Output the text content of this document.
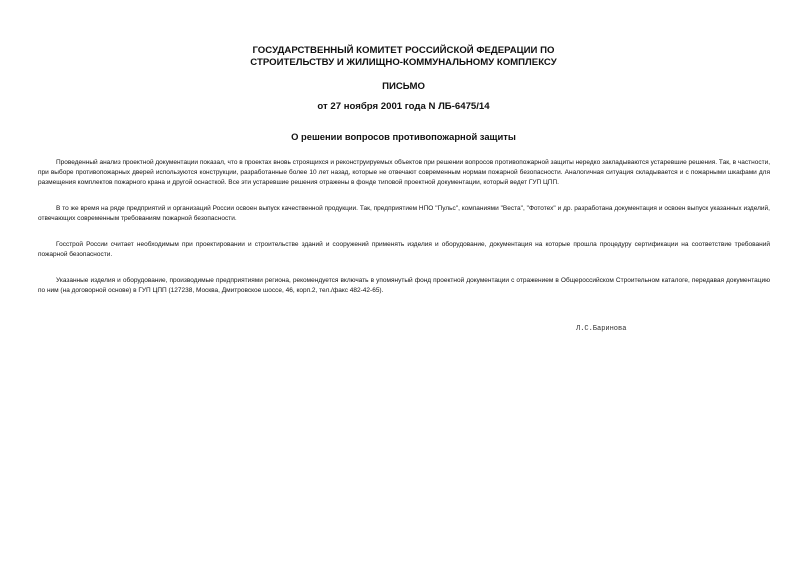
ГОСУДАРСТВЕННЫЙ КОМИТЕТ РОССИЙСКОЙ ФЕДЕРАЦИИ ПО
СТРОИТЕЛЬСТВУ И ЖИЛИЩНО-КОММУНАЛЬНОМУ КОМПЛЕКСУ
ПИСЬМО
от 27 ноября 2001 года N ЛБ-6475/14
О решении вопросов противопожарной защиты

Проведенный анализ проектной документации показал, что в проектах вновь строящихся и реконструируемых объектов при решении вопросов противопожарной защиты нередко закладываются устаревшие решения. Так, в частности, при выборе противопожарных дверей используются конструкции, разработанные более 10 лет назад, которые не отвечают современным нормам пожарной безопасности. Аналогичная ситуация складывается и с пожарными шкафами для размещения комплектов пожарного крана и другой оснасткой. Все эти устаревшие решения отражены в фонде типовой проектной документации, который ведет ГУП ЦПП.

В то же время на ряде предприятий и организаций России освоен выпуск качественной продукции. Так, предприятием НПО "Пульс", компаниями "Веста", "Фототех" и др. разработана документация и освоен выпуск указанных изделий, отвечающих современным требованиям пожарной безопасности.

Госстрой России считает необходимым при проектировании и строительстве зданий и сооружений применять изделия и оборудование, документация на которые прошла процедуру сертификации на соответствие требований пожарной безопасности.

Указанные изделия и оборудование, производимые предприятиями региона, рекомендуется включать в упомянутый фонд проектной документации с отражением в Общероссийском Строительном каталоге, передавая документацию по ним (на договорной основе) в ГУП ЦПП (127238, Москва, Дмитровское шоссе, 46, корп.2, тел./факс 482-42-65).

Л.С.Баринова
